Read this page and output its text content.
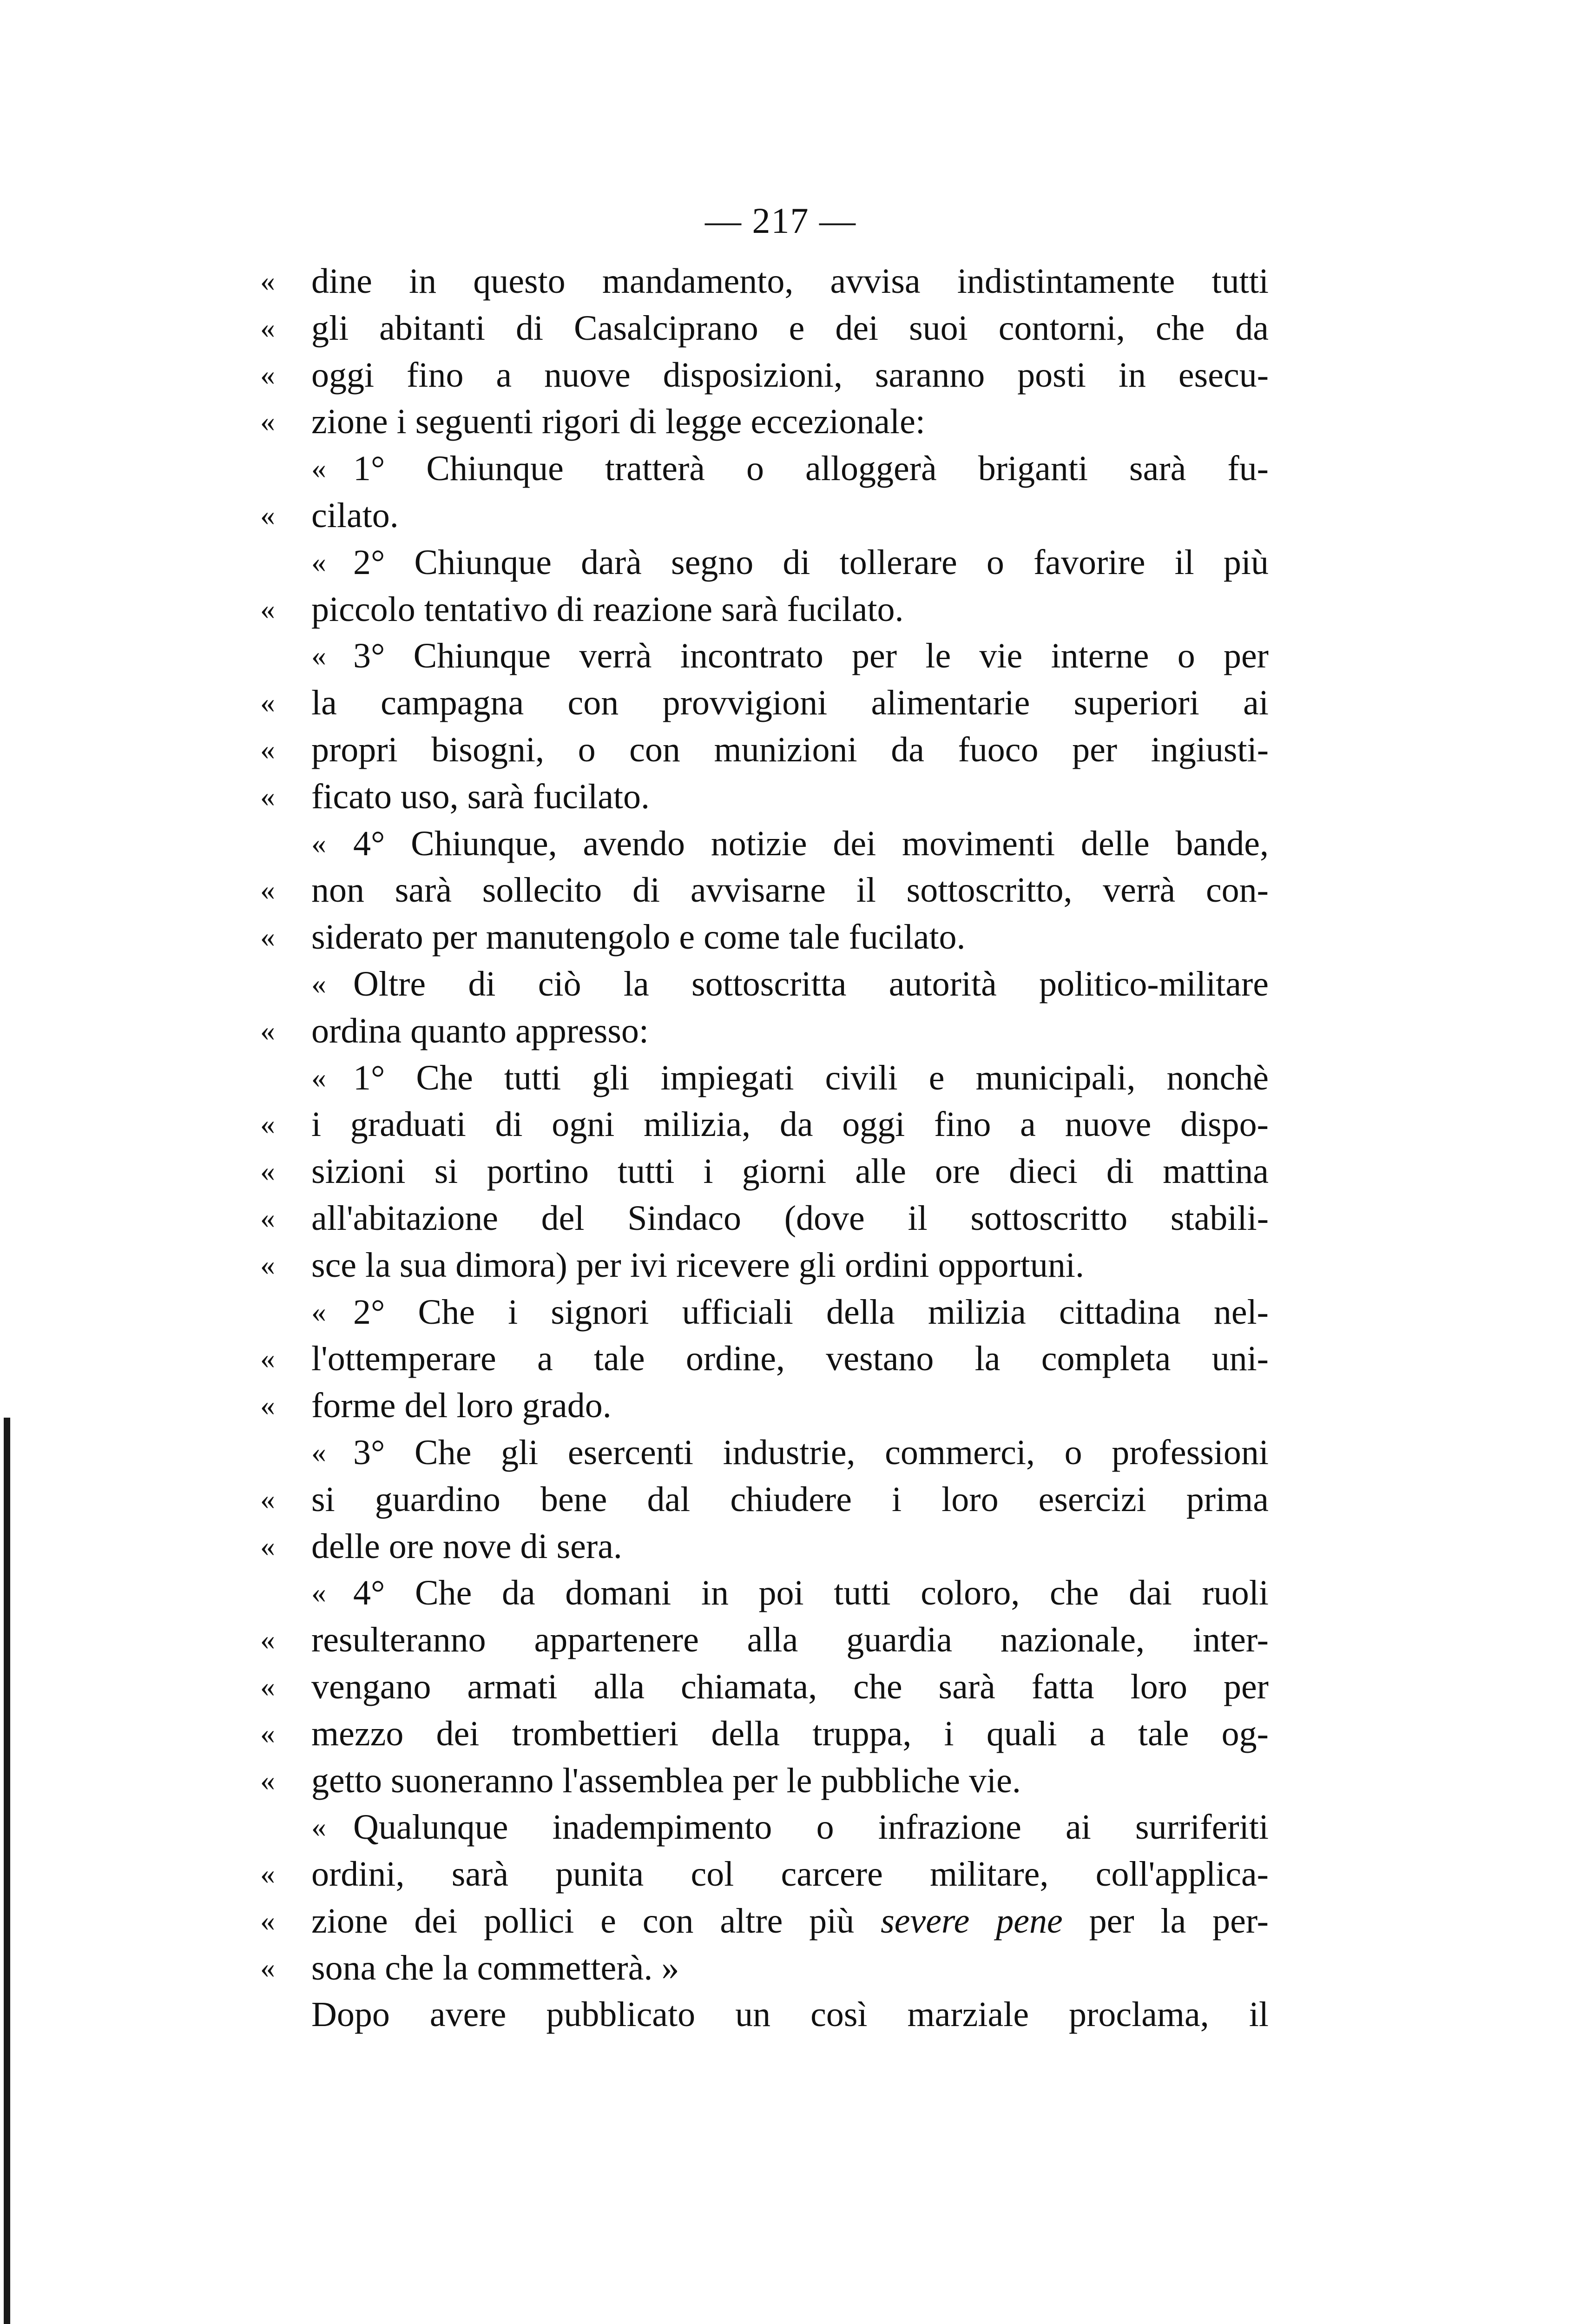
— 217 —
«	dine in questo mandamento, avvisa indistintamente tutti
«	gli abitanti di Casalciprano e dei suoi contorni, che da
«	oggi fino a nuove disposizioni, saranno posti in esecu-
«	zione i seguenti rigori di legge eccezionale:
« 1° Chiunque tratterà o alloggerà briganti sarà fu-
«	cilato.
« 2° Chiunque darà segno di tollerare o favorire il più
«	piccolo tentativo di reazione sarà fucilato.
« 3° Chiunque verrà incontrato per le vie interne o per
«	la campagna con provvigioni alimentarie superiori ai
«	propri bisogni, o con munizioni da fuoco per ingiusti-
«	ficato uso, sarà fucilato.
« 4° Chiunque, avendo notizie dei movimenti delle bande,
«	non sarà sollecito di avvisarne il sottoscritto, verrà con-
«	siderato per manutengolo e come tale fucilato.
« Oltre di ciò la sottoscritta autorità politico-militare
«	ordina quanto appresso:
« 1° Che tutti gli impiegati civili e municipali, nonchè
«	i graduati di ogni milizia, da oggi fino a nuove dispo-
«	sizioni si portino tutti i giorni alle ore dieci di mattina
«	all'abitazione del Sindaco (dove il sottoscritto stabili-
«	sce la sua dimora) per ivi ricevere gli ordini opportuni.
« 2° Che i signori ufficiali della milizia cittadina nel-
«	l'ottemperare a tale ordine, vestano la completa uni-
«	forme del loro grado.
« 3° Che gli esercenti industrie, commerci, o professioni
«	si guardino bene dal chiudere i loro esercizi prima
«	delle ore nove di sera.
« 4° Che da domani in poi tutti coloro, che dai ruoli
«	resulteranno appartenere alla guardia nazionale, inter-
«	vengano armati alla chiamata, che sarà fatta loro per
«	mezzo dei trombettieri della truppa, i quali a tale og-
«	getto suoneranno l'assemblea per le pubbliche vie.
« Qualunque inadempimento o infrazione ai surriferiti
«	ordini, sarà punita col carcere militare, coll'applica-
«	zione dei pollici e con altre più severe pene per la per-
«	sona che la commetterà. »
Dopo avere pubblicato un così marziale proclama, il
